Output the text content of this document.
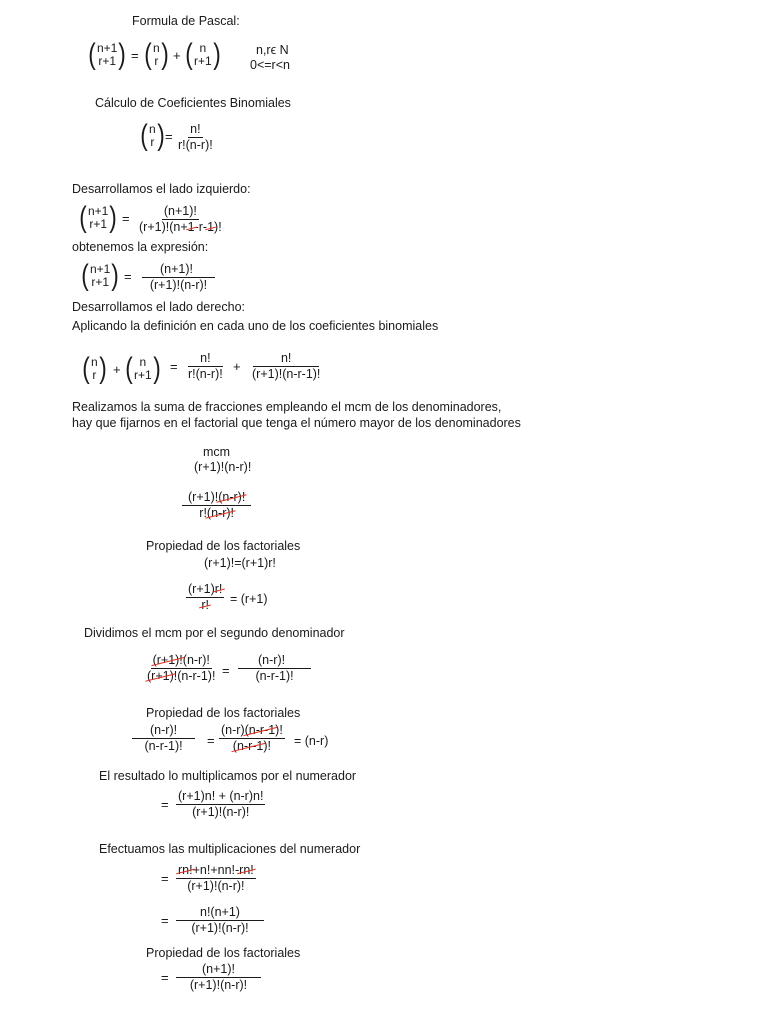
Formula de Pascal:
( n+1
r+1 ) = ( n
r ) + ( n
r+1 )	n,rϵ N
0<=r<n
Cálculo de Coeficientes Binomiales
( n
r ) = $\frac{n!}{r!(n-r)!}$
Desarrollamos el lado izquierdo:
( n+1
r+1 ) = $\frac{(n+1)!}{(r+1)!(n+1-r-1)!}$
obtenemos la expresión:
( n+1
r+1 ) = $\frac{(n+1)!}{(r+1)!(n-r)!}$
Desarrollamos el lado derecho:
Aplicando la definición en cada uno de los coeficientes binomiales
( n
r ) + ( n
r+1 ) = $\frac{n!}{r!(n-r)!} + \frac{n!}{(r+1)!(n-r-1)!}$
Realizamos la suma de fracciones empleando el mcm de los denominadores,
hay que fijarnos en el factorial que tenga el número mayor de los denominadores
mcm
(r+1)!(n-r)!
$\frac{(r+1)!(n-r)!}{r!(n-r)!}$
Propiedad de los factoriales
(r+1)!=(r+1)r!
$\frac{(r+1)r!}{r!} = (r+1)$
Dividimos el mcm por el segundo denominador
$\frac{(r+1)!(n-r)!}{(r+1)!(n-r-1)!} = \frac{(n-r)!}{(n-r-1)!}$
Propiedad de los factoriales
$\frac{(n-r)!}{(n-r-1)!} = \frac{(n-r)(n-r-1)!}{(n-r-1)!} = (n-r)$
El resultado lo multiplicamos por el numerador
= $\frac{(r+1)n! + (n-r)n!}{(r+1)!(n-r)!}$
Efectuamos las multiplicaciones del numerador
= $\frac{rn!+n!+nn!-rn!}{(r+1)!(n-r)!}$
= $\frac{n!(n+1)}{(r+1)!(n-r)!}$
Propiedad de los factoriales
= $\frac{(n+1)!}{(r+1)!(n-r)!}$
